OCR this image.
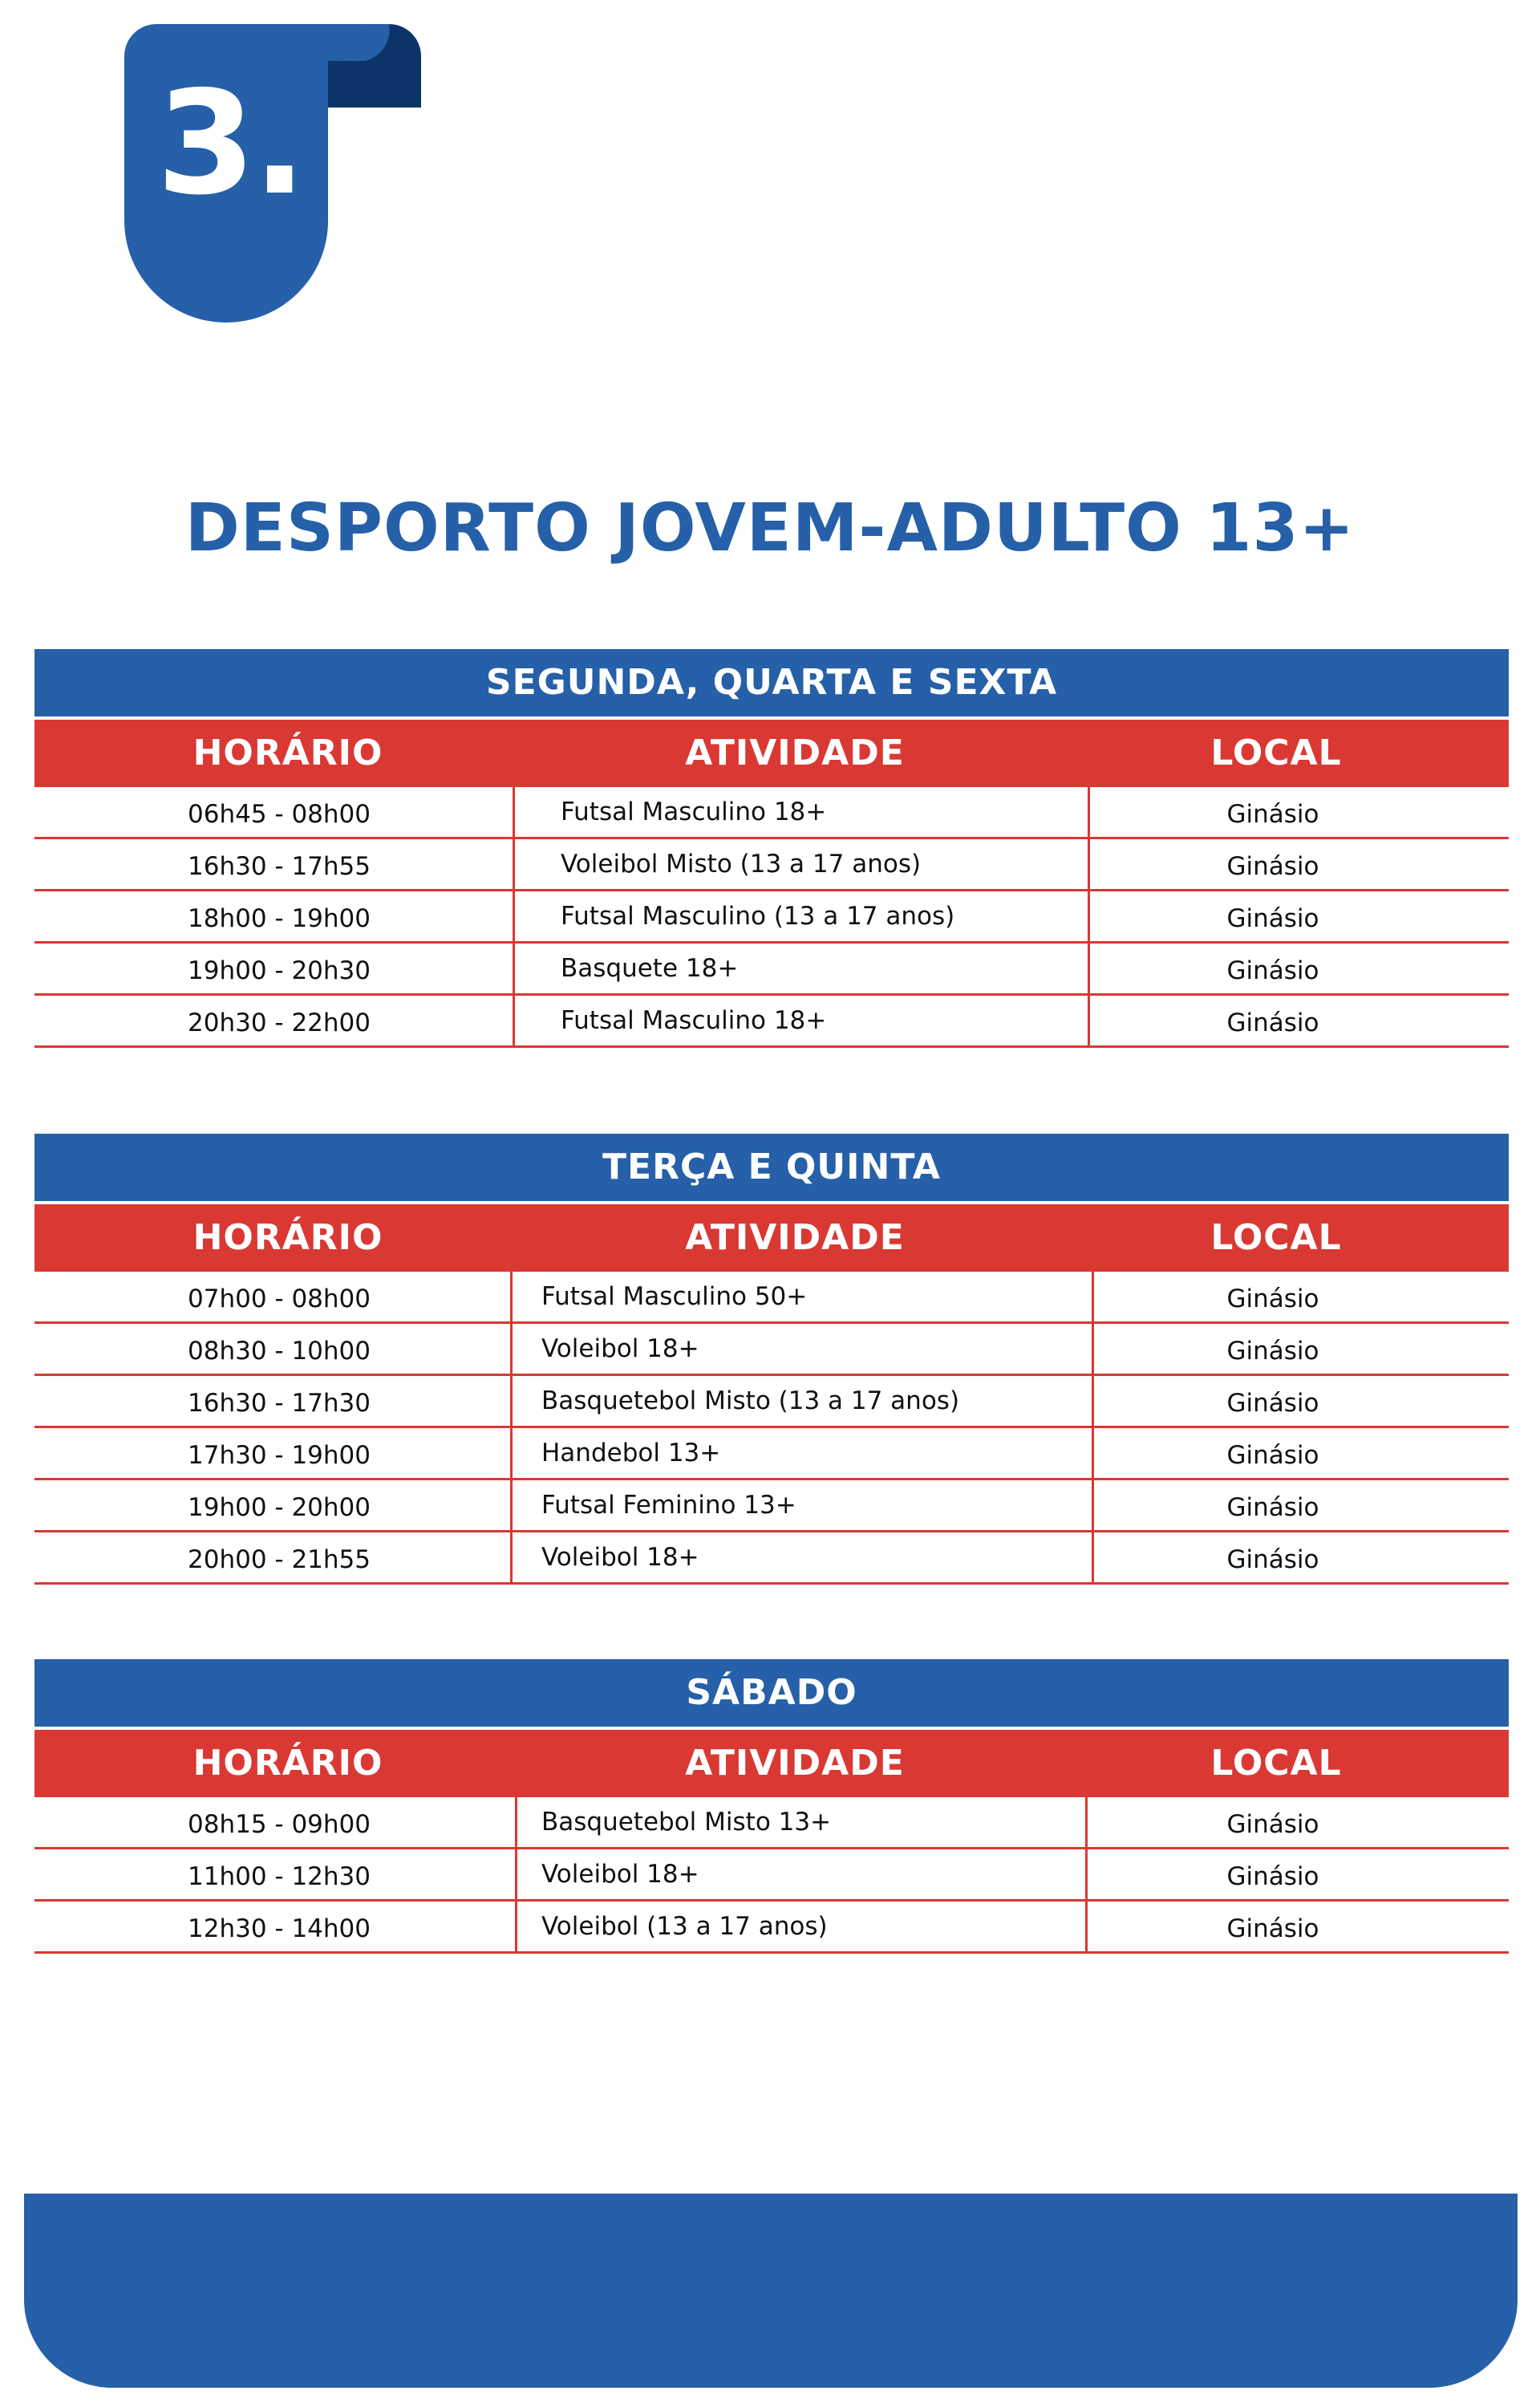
3.
DESPORTO JOVEM-ADULTO 13+
SEGUNDA, QUARTA E SEXTA
HORÁRIO	ATIVIDADE	LOCAL
06h45 - 08h00	Futsal Masculino 18+	Ginásio
16h30 - 17h55	Voleibol Misto (13 a 17 anos)	Ginásio
18h00 - 19h00	Futsal Masculino (13 a 17 anos)	Ginásio
19h00 - 20h30	Basquete 18+	Ginásio
20h30 - 22h00	Futsal Masculino 18+	Ginásio
TERÇA E QUINTA
HORÁRIO	ATIVIDADE	LOCAL
07h00 - 08h00	Futsal Masculino 50+	Ginásio
08h30 - 10h00	Voleibol 18+	Ginásio
16h30 - 17h30	Basquetebol Misto (13 a 17 anos)	Ginásio
17h30 - 19h00	Handebol 13+	Ginásio
19h00 - 20h00	Futsal Feminino 13+	Ginásio
20h00 - 21h55	Voleibol 18+	Ginásio
SÁBADO
HORÁRIO	ATIVIDADE	LOCAL
08h15 - 09h00	Basquetebol Misto 13+	Ginásio
11h00 - 12h30	Voleibol 18+	Ginásio
12h30 - 14h00	Voleibol (13 a 17 anos)	Ginásio
